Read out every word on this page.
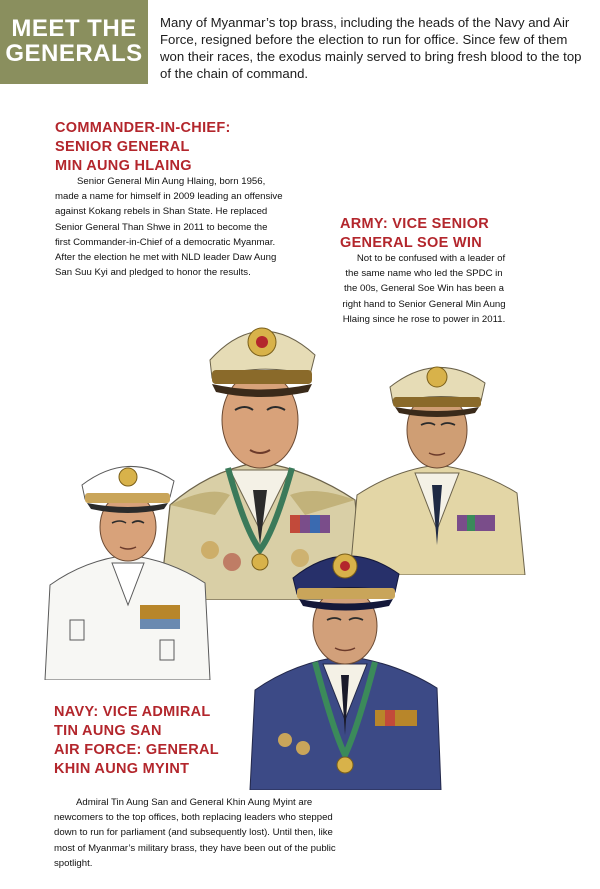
MEET THE
GENERALS

Many of Myanmar’s top brass, including the heads of the Navy and Air Force, resigned before the election to run for office. Since few of them won their races, the exodus mainly served to bring fresh blood to the top of the chain of command.

COMMANDER-IN-CHIEF:
SENIOR GENERAL
MIN AUNG HLAING

Senior General Min Aung Hlaing, born 1956, made a name for himself in 2009 leading an offensive against Kokang rebels in Shan State. He replaced Senior General Than Shwe in 2011 to become the first Commander-in-Chief of a democratic Myanmar. After the election he met with NLD leader Daw Aung San Suu Kyi and pledged to honor the results.

ARMY: VICE SENIOR
GENERAL SOE WIN

Not to be confused with a leader of the same name who led the SPDC in the 00s, General Soe Win has been a right hand to Senior General Min Aung Hlaing since he rose to power in 2011.

NAVY: VICE ADMIRAL
TIN AUNG SAN
AIR FORCE: GENERAL
KHIN AUNG MYINT

Admiral Tin Aung San and General Khin Aung Myint are newcomers to the top offices, both replacing leaders who stepped down to run for parliament (and subsequently lost). Until then, like most of Myanmar’s military brass, they have been out of the public spotlight.
